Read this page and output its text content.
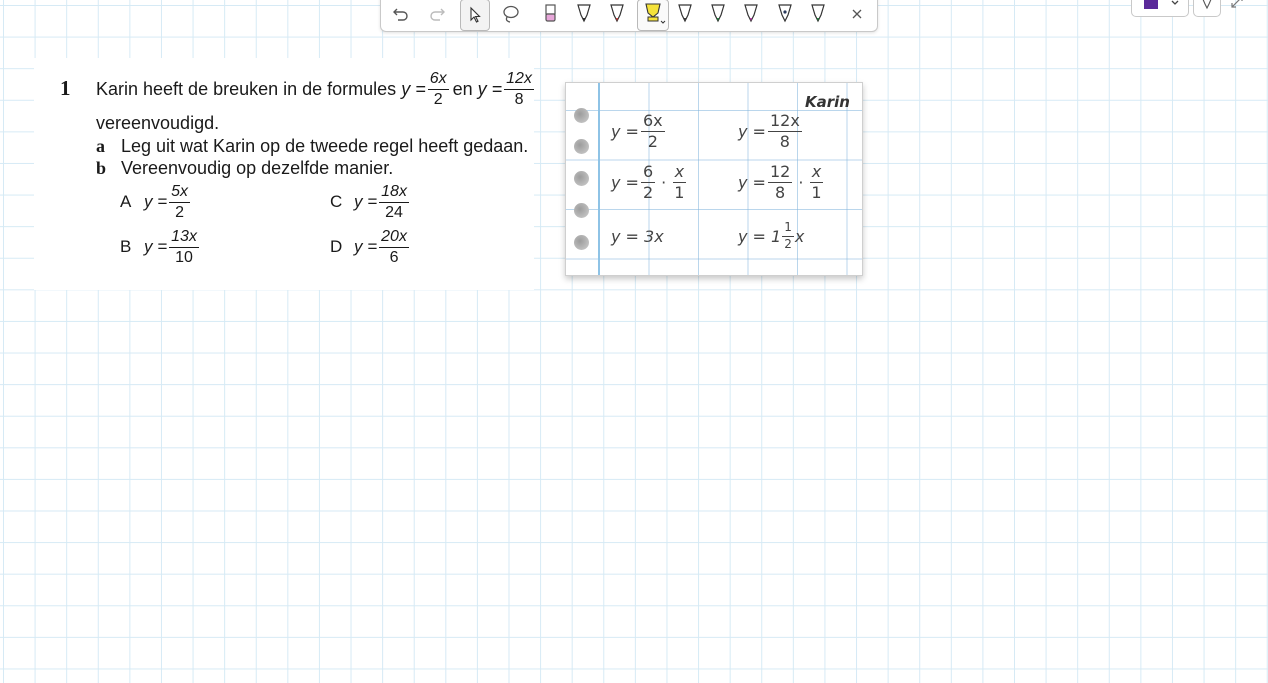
1 Karin heeft de breuken in de formules $y = \frac{6x}{2}$ en $y = \frac{12x}{8}$
vereenvoudigd.
a Leg uit wat Karin op de tweede regel heeft gedaan.
b Vereenvoudig op dezelfde manier.
A $y = \frac{5x}{2}$	C $y = \frac{18x}{24}$
B $y = \frac{13x}{10}$	D $y = \frac{20x}{6}$
Karin
$y = \frac{6x}{2}$	$y = \frac{12x}{8}$
$y = \frac{6}{2} \cdot \frac{x}{1}$	$y = \frac{12}{8} \cdot \frac{x}{1}$
y = 3x	$y = 1 \frac{1}{2}$ x
